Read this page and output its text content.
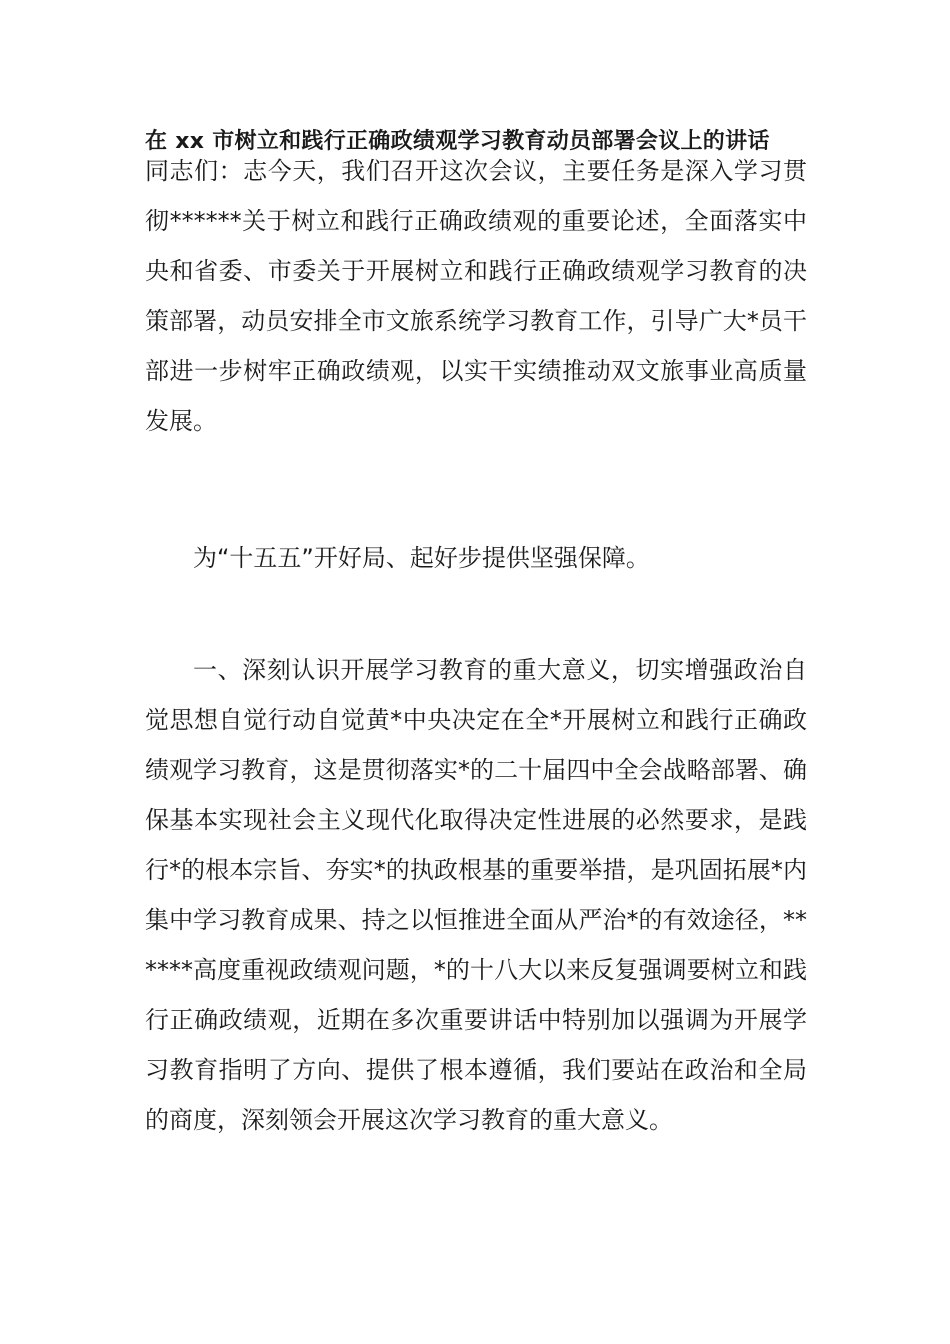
在 xx 市树立和践行正确政绩观学习教育动员部署会议上的讲话

同志们：志今天，我们召开这次会议，主要任务是深入学习贯彻******关于树立和践行正确政绩观的重要论述，全面落实中央和省委、市委关于开展树立和践行正确政绩观学习教育的决策部署，动员安排全市文旅系统学习教育工作，引导广大*员干部进一步树牢正确政绩观，以实干实绩推动双文旅事业高质量发展。

为“十五五”开好局、起好步提供坚强保障。

一、深刻认识开展学习教育的重大意义，切实增强政治自觉思想自觉行动自觉黄*中央决定在全*开展树立和践行正确政绩观学习教育，这是贯彻落实*的二十届四中全会战略部署、确保基本实现社会主义现代化取得决定性进展的必然要求，是践行*的根本宗旨、夯实*的执政根基的重要举措，是巩固拓展*内集中学习教育成果、持之以恒推进全面从严治*的有效途径，******高度重视政绩观问题，*的十八大以来反复强调要树立和践行正确政绩观，近期在多次重要讲话中特别加以强调为开展学习教育指明了方向、提供了根本遵循，我们要站在政治和全局的商度，深刻领会开展这次学习教育的重大意义。
